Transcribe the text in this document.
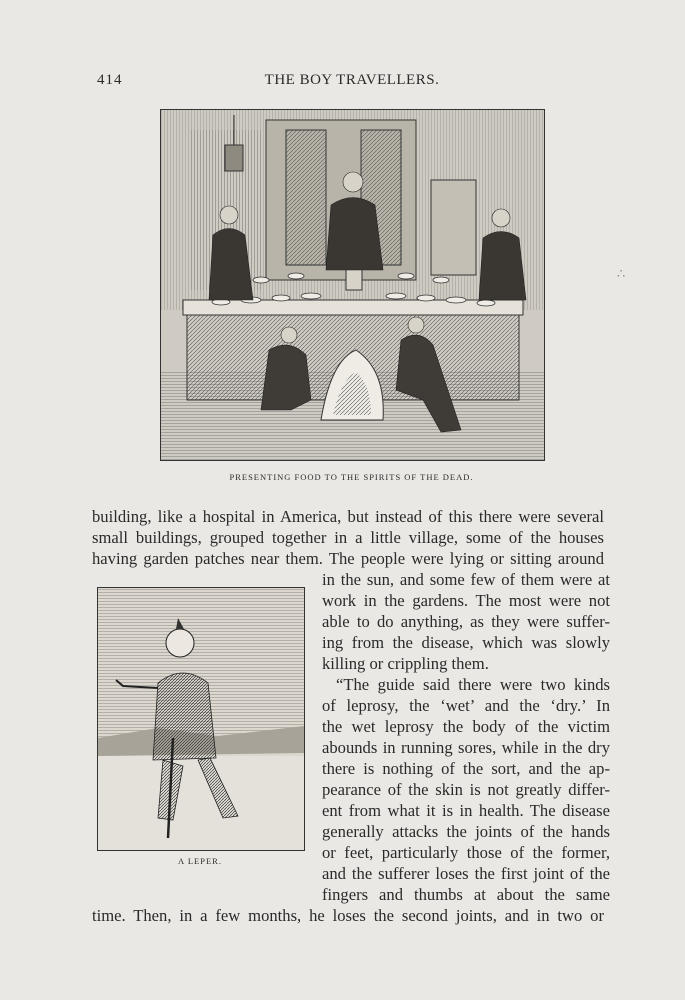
414	THE BOY TRAVELLERS.
PRESENTING FOOD TO THE SPIRITS OF THE DEAD.
A LEPER.
∴
building, like a hospital in America, but instead of this there were several
small buildings, grouped together in a little village, some of the houses
having garden patches near them. The people were lying or sitting around
in the sun, and some few of them were at
work in the gardens. The most were not
able to do anything, as they were suffer-
ing from the disease, which was slowly
killing or crippling them.
“The guide said there were two kinds
of leprosy, the ‘wet’ and the ‘dry.’ In
the wet leprosy the body of the victim
abounds in running sores, while in the dry
there is nothing of the sort, and the ap-
pearance of the skin is not greatly differ-
ent from what it is in health. The disease
generally attacks the joints of the hands
or feet, particularly those of the former,
and the sufferer loses the first joint of the
fingers and thumbs at about the same
time. Then, in a few months, he loses the second joints, and in two or
